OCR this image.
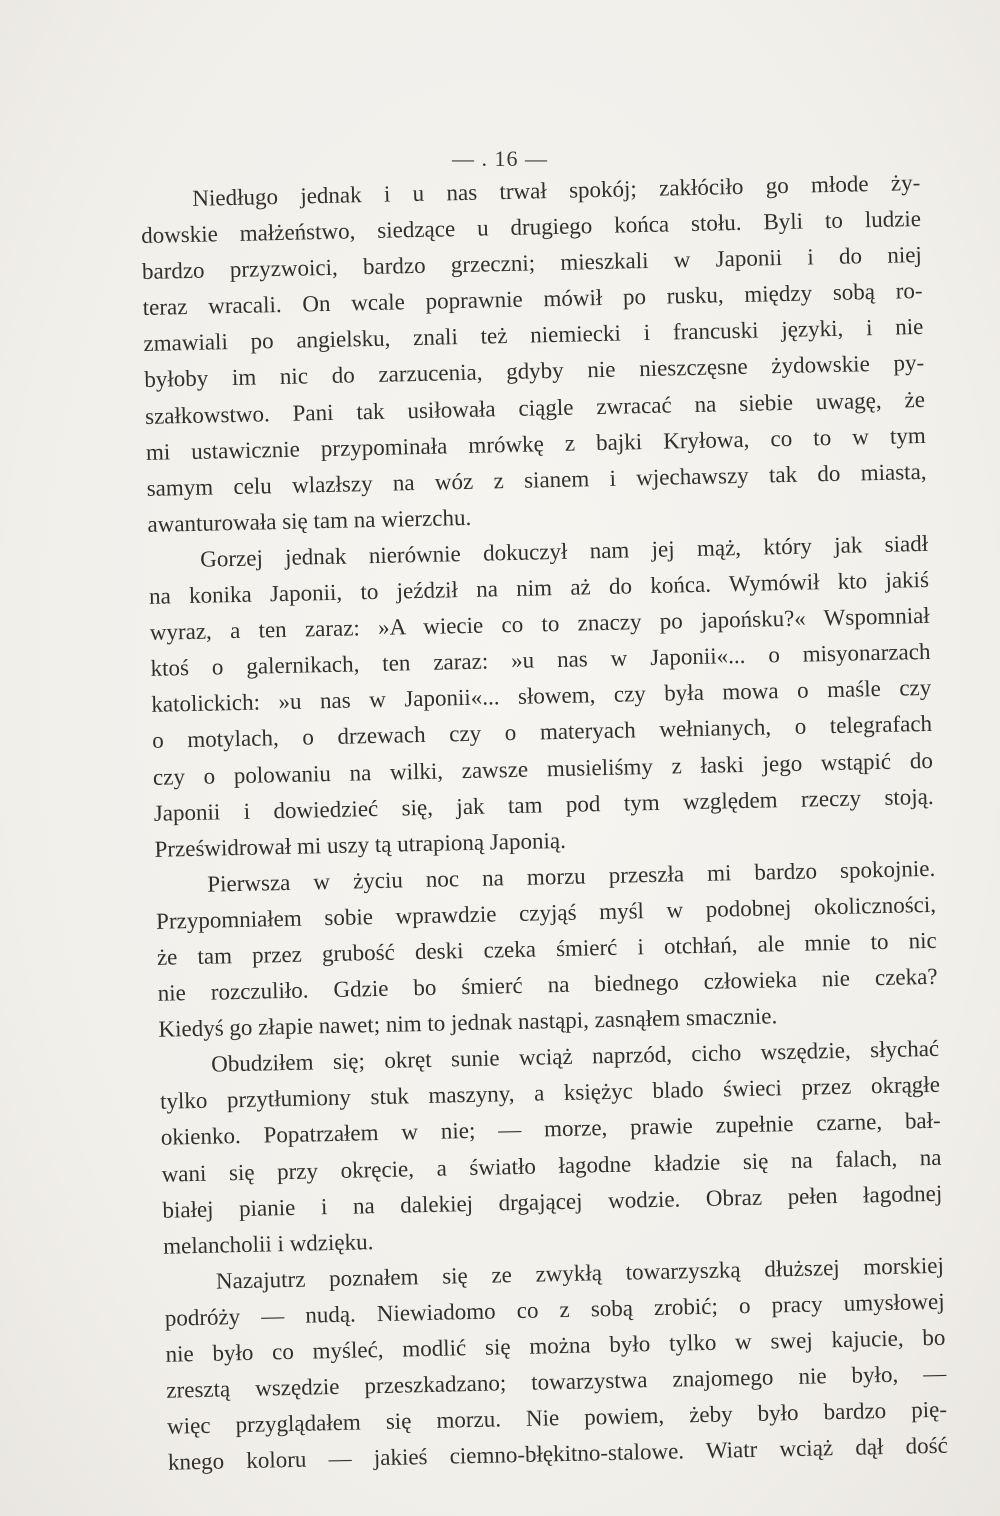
— . 16 —
Niedługo jednak i u nas trwał spokój; zakłóciło go młode ży-
dowskie małżeństwo, siedzące u drugiego końca stołu. Byli to ludzie
bardzo przyzwoici, bardzo grzeczni; mieszkali w Japonii i do niej
teraz wracali. On wcale poprawnie mówił po rusku, między sobą ro-
zmawiali po angielsku, znali też niemiecki i francuski języki, i nie
byłoby im nic do zarzucenia, gdyby nie nieszczęsne żydowskie py-
szałkowstwo. Pani tak usiłowała ciągle zwracać na siebie uwagę, że
mi ustawicznie przypominała mrówkę z bajki Kryłowa, co to w tym
samym celu wlazłszy na wóz z sianem i wjechawszy tak do miasta,
awanturowała się tam na wierzchu.
Gorzej jednak nierównie dokuczył nam jej mąż, który jak siadł
na konika Japonii, to jeździł na nim aż do końca. Wymówił kto jakiś
wyraz, a ten zaraz: »A wiecie co to znaczy po japońsku?« Wspomniał
ktoś o galernikach, ten zaraz: »u nas w Japonii«... o misyonarzach
katolickich: »u nas w Japonii«... słowem, czy była mowa o maśle czy
o motylach, o drzewach czy o materyach wełnianych, o telegrafach
czy o polowaniu na wilki, zawsze musieliśmy z łaski jego wstąpić do
Japonii i dowiedzieć się, jak tam pod tym względem rzeczy stoją.
Prześwidrował mi uszy tą utrapioną Japonią.
Pierwsza w życiu noc na morzu przeszła mi bardzo spokojnie.
Przypomniałem sobie wprawdzie czyjąś myśl w podobnej okoliczności,
że tam przez grubość deski czeka śmierć i otchłań, ale mnie to nic
nie rozczuliło. Gdzie bo śmierć na biednego człowieka nie czeka?
Kiedyś go złapie nawet; nim to jednak nastąpi, zasnąłem smacznie.
Obudziłem się; okręt sunie wciąż naprzód, cicho wszędzie, słychać
tylko przytłumiony stuk maszyny, a księżyc blado świeci przez okrągłe
okienko. Popatrzałem w nie; — morze, prawie zupełnie czarne, bał-
wani się przy okręcie, a światło łagodne kładzie się na falach, na
białej pianie i na dalekiej drgającej wodzie. Obraz pełen łagodnej
melancholii i wdzięku.
Nazajutrz poznałem się ze zwykłą towarzyszką dłuższej morskiej
podróży — nudą. Niewiadomo co z sobą zrobić; o pracy umysłowej
nie było co myśleć, modlić się można było tylko w swej kajucie, bo
zresztą wszędzie przeszkadzano; towarzystwa znajomego nie było, —
więc przyglądałem się morzu. Nie powiem, żeby było bardzo pię-
knego koloru — jakieś ciemno-błękitno-stalowe. Wiatr wciąż dął dość
